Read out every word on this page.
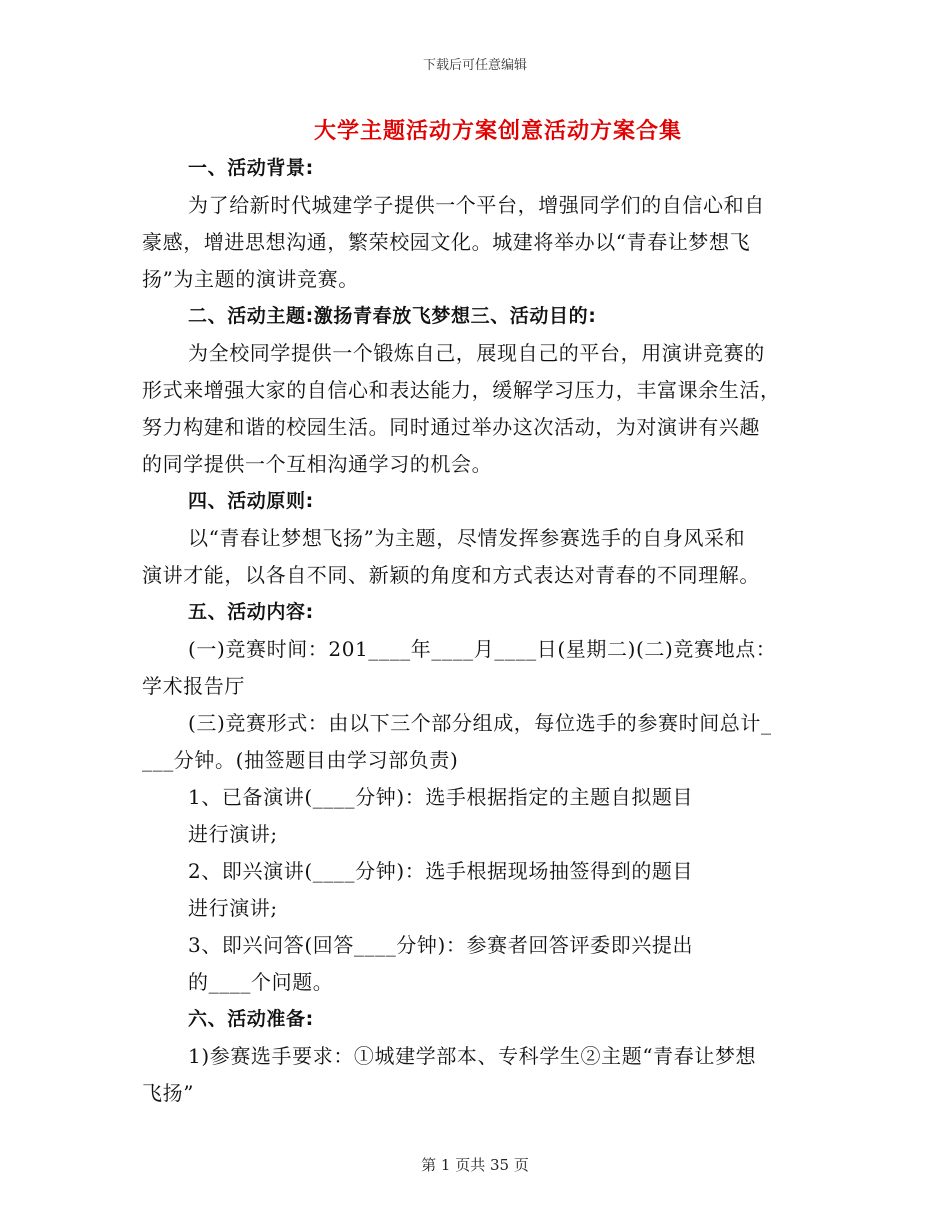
下载后可任意编辑
大学主题活动方案创意活动方案合集
一、活动背景:
为了给新时代城建学子提供一个平台，增强同学们的自信心和自
豪感，增进思想沟通，繁荣校园文化。城建将举办以“青春让梦想飞
扬”为主题的演讲竞赛。
二、活动主题:激扬青春放飞梦想三、活动目的:
为全校同学提供一个锻炼自己，展现自己的平台，用演讲竞赛的
形式来增强大家的自信心和表达能力，缓解学习压力，丰富课余生活，
努力构建和谐的校园生活。同时通过举办这次活动，为对演讲有兴趣
的同学提供一个互相沟通学习的机会。
四、活动原则:
以“青春让梦想飞扬”为主题，尽情发挥参赛选手的自身风采和
演讲才能，以各自不同、新颖的角度和方式表达对青春的不同理解。
五、活动内容:
(一)竞赛时间：201____年____月____日(星期二)(二)竞赛地点：
学术报告厅
(三)竞赛形式：由以下三个部分组成，每位选手的参赛时间总计_
___分钟。(抽签题目由学习部负责)
1、已备演讲(____分钟)：选手根据指定的主题自拟题目
进行演讲;
2、即兴演讲(____分钟)：选手根据现场抽签得到的题目
进行演讲;
3、即兴问答(回答____分钟)：参赛者回答评委即兴提出
的____个问题。
六、活动准备:
1)参赛选手要求：①城建学部本、专科学生②主题“青春让梦想
飞扬”
第 1 页共 35 页
